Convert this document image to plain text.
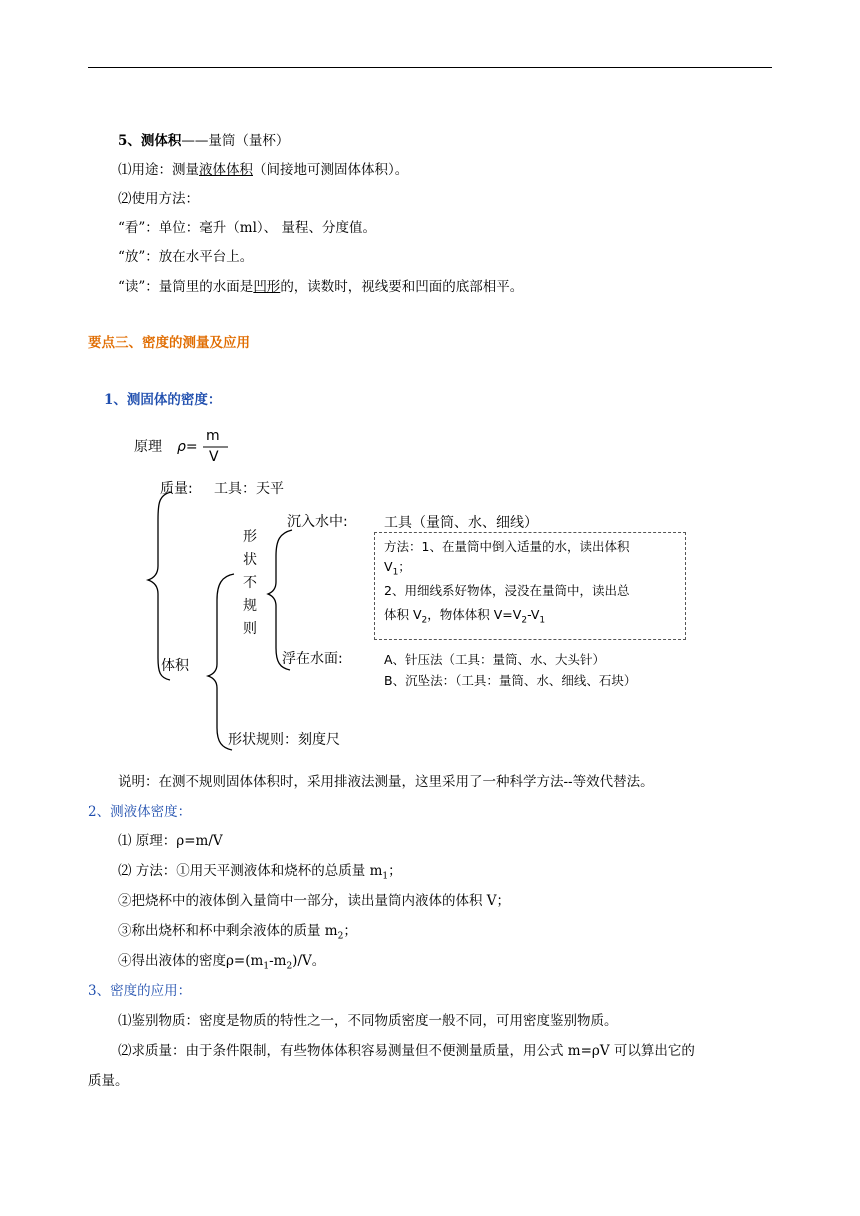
5、测体积——量筒（量杯）
⑴用途：测量液体体积（间接地可测固体体积）。
⑵使用方法：
“看”：单位：毫升（ml）、 量程、分度值。
“放”：放在水平台上。
“读”：量筒里的水面是凹形的，读数时，视线要和凹面的底部相平。
要点三、密度的测量及应用
1、测固体的密度：
原理 ρ=
m
V
质量: 工具：天平
形
状
不
规
则
沉入水中:	工具（量筒、水、细线）
方法：1、在量筒中倒入适量的水，读出体积
$V_1$；
2、用细线系好物体，浸没在量筒中，读出总
体积 $V_2$，物体体积 $V=V_2-V_1$
浮在水面:	A、针压法（工具：量筒、水、大头针）
B、沉坠法：（工具：量筒、水、细线、石块）
体积
形状规则：刻度尺
说明：在测不规则固体体积时，采用排液法测量，这里采用了一种科学方法--等效代替法。
2、测液体密度：
⑴ 原理：ρ=m/V
⑵ 方法：①用天平测液体和烧杯的总质量 $m_1$；
②把烧杯中的液体倒入量筒中一部分，读出量筒内液体的体积 V；
③称出烧杯和杯中剩余液体的质量 $m_2$；
④得出液体的密度$\rho=(m_1-m_2)/V$。
3、密度的应用：
⑴鉴别物质：密度是物质的特性之一，不同物质密度一般不同，可用密度鉴别物质。
⑵求质量：由于条件限制，有些物体体积容易测量但不便测量质量，用公式 m=ρV 可以算出它的
质量。
